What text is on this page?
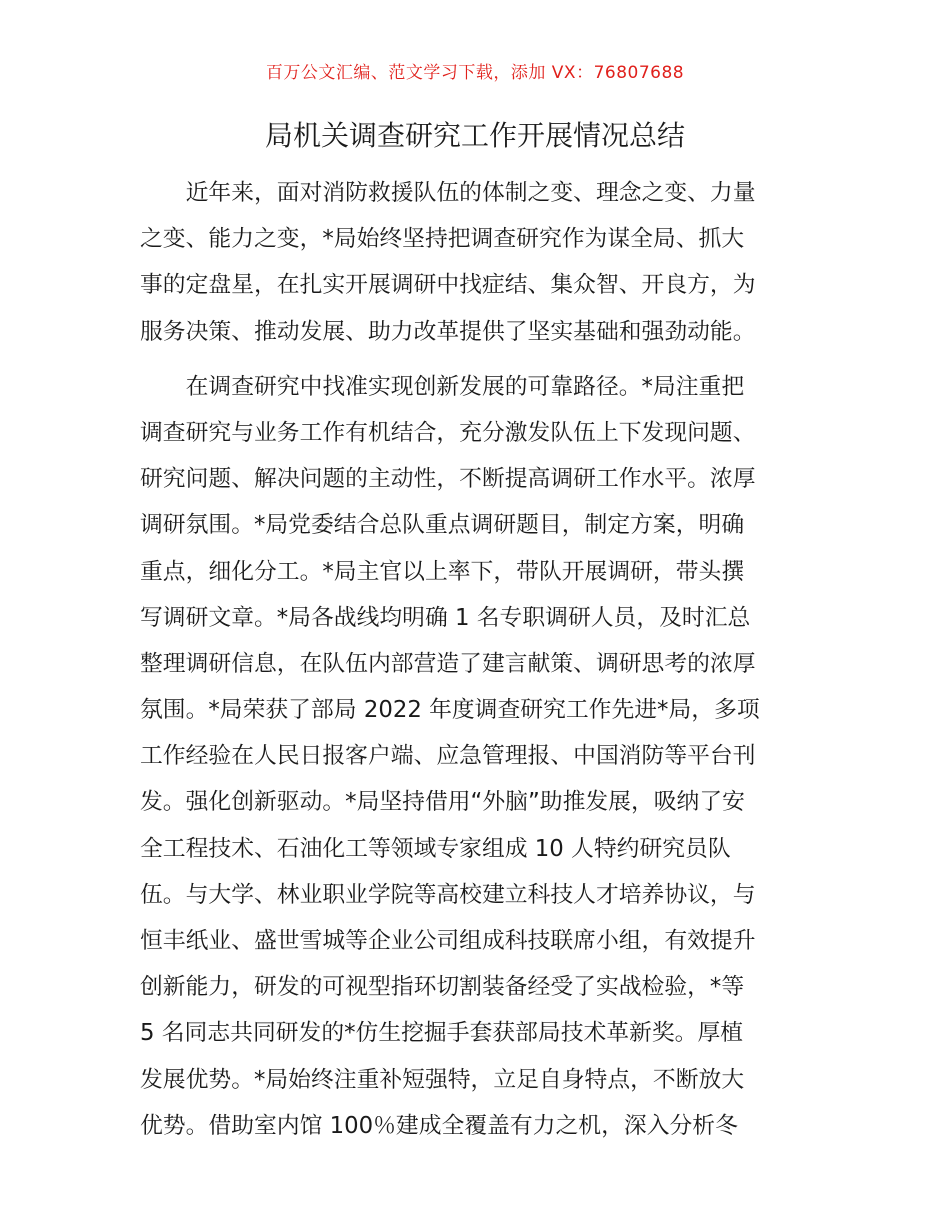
百万公文汇编、范文学习下载，添加 VX：76807688
局机关调查研究工作开展情况总结
　　近年来，面对消防救援队伍的体制之变、理念之变、力量
之变、能力之变，*局始终坚持把调查研究作为谋全局、抓大
事的定盘星，在扎实开展调研中找症结、集众智、开良方，为
服务决策、推动发展、助力改革提供了坚实基础和强劲动能。
　　在调查研究中找准实现创新发展的可靠路径。*局注重把
调查研究与业务工作有机结合，充分激发队伍上下发现问题、
研究问题、解决问题的主动性，不断提高调研工作水平。浓厚
调研氛围。*局党委结合总队重点调研题目，制定方案，明确
重点，细化分工。*局主官以上率下，带队开展调研，带头撰
写调研文章。*局各战线均明确 1 名专职调研人员，及时汇总
整理调研信息，在队伍内部营造了建言献策、调研思考的浓厚
氛围。*局荣获了部局 2022 年度调查研究工作先进*局，多项
工作经验在人民日报客户端、应急管理报、中国消防等平台刊
发。强化创新驱动。*局坚持借用“外脑”助推发展，吸纳了安
全工程技术、石油化工等领域专家组成 10 人特约研究员队
伍。与大学、林业职业学院等高校建立科技人才培养协议，与
恒丰纸业、盛世雪城等企业公司组成科技联席小组，有效提升
创新能力，研发的可视型指环切割装备经受了实战检验，*等
5 名同志共同研发的*仿生挖掘手套获部局技术革新奖。厚植
发展优势。*局始终注重补短强特，立足自身特点，不断放大
优势。借助室内馆 100％建成全覆盖有力之机，深入分析冬
